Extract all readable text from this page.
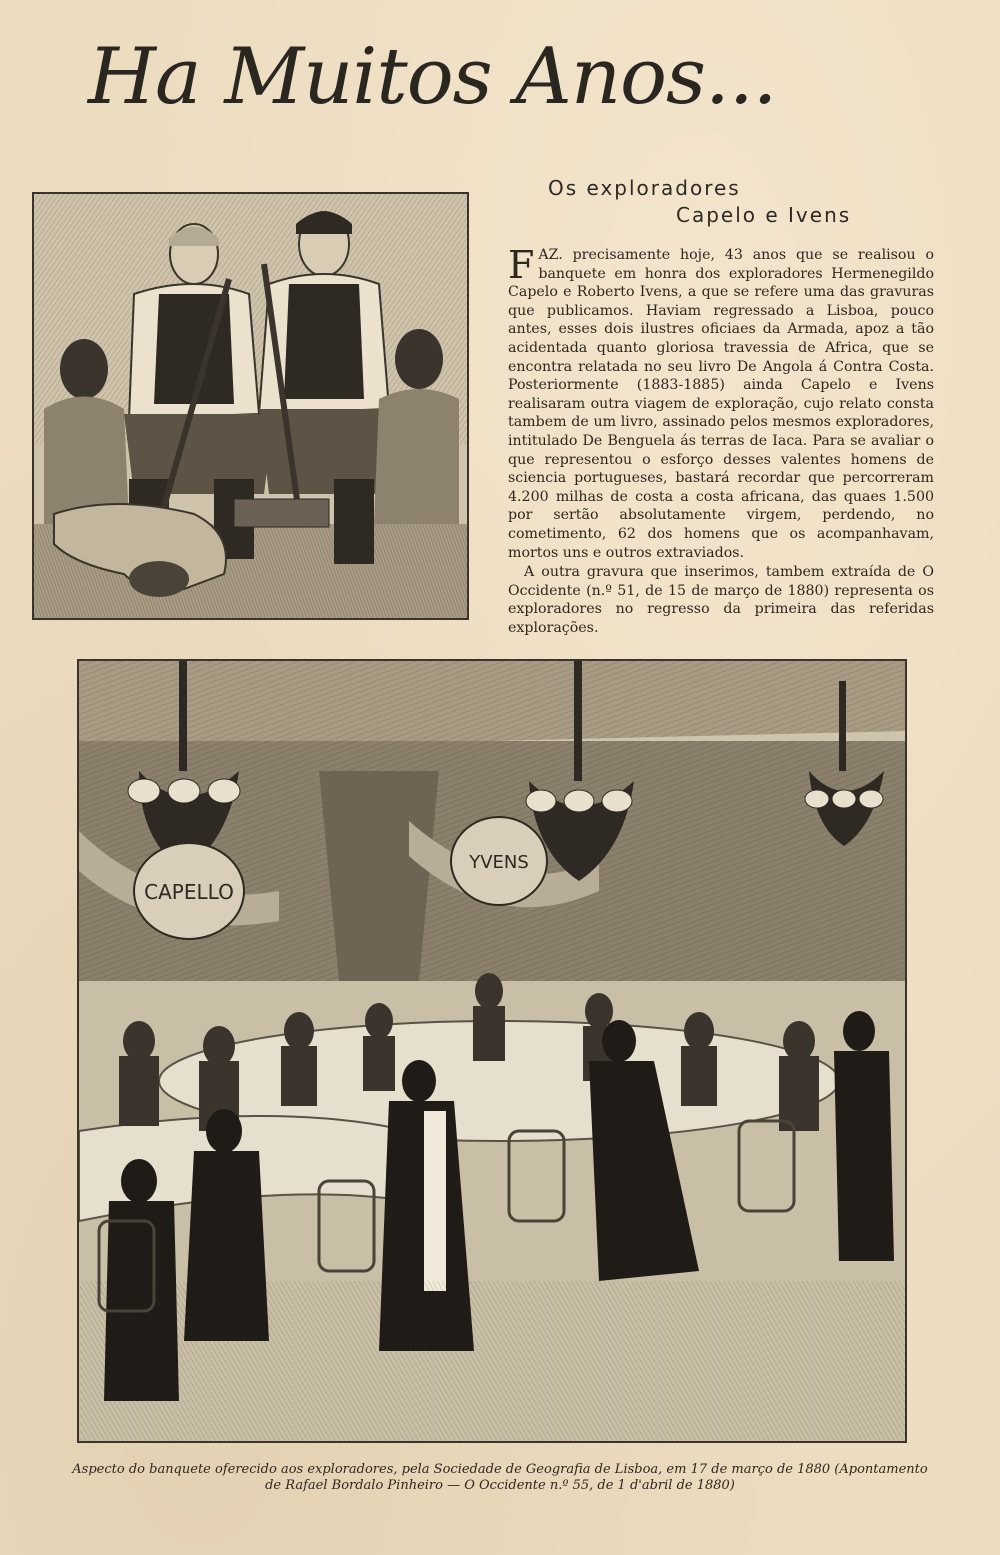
Ha Muitos Anos...
Os exploradores
Capelo e Ivens

FAZ. precisamente hoje, 43 anos que se realisou o banquete em honra dos exploradores Hermenegildo Capelo e Roberto Ivens, a que se refere uma das gravuras que publicamos. Haviam regressado a Lisboa, pouco antes, esses dois ilustres oficiaes da Armada, apoz a tão acidentada quanto gloriosa travessia de Africa, que se encontra relatada no seu livro De Angola á Contra Costa. Posteriormente (1883-1885) ainda Capelo e Ivens realisaram outra viagem de exploração, cujo relato consta tambem de um livro, assinado pelos mesmos exploradores, intitulado De Benguela ás terras de Iaca. Para se avaliar o que representou o esforço desses valentes homens de sciencia portugueses, bastará recordar que percorreram 4.200 milhas de costa a costa africana, das quaes 1.500 por sertão absolutamente virgem, perdendo, no cometimento, 62 dos homens que os acompanhavam, mortos uns e outros extraviados.

A outra gravura que inserimos, tambem extraída de O Occidente (n.º 51, de 15 de março de 1880) representa os exploradores no regresso da primeira das referidas explorações.

CAPELLO
YVENS
Aspecto do banquete oferecido aos exploradores, pela Sociedade de Geografia de Lisboa, em 17 de março de 1880 (Apontamento
de Rafael Bordalo Pinheiro — O Occidente n.º 55, de 1 d'abril de 1880)
